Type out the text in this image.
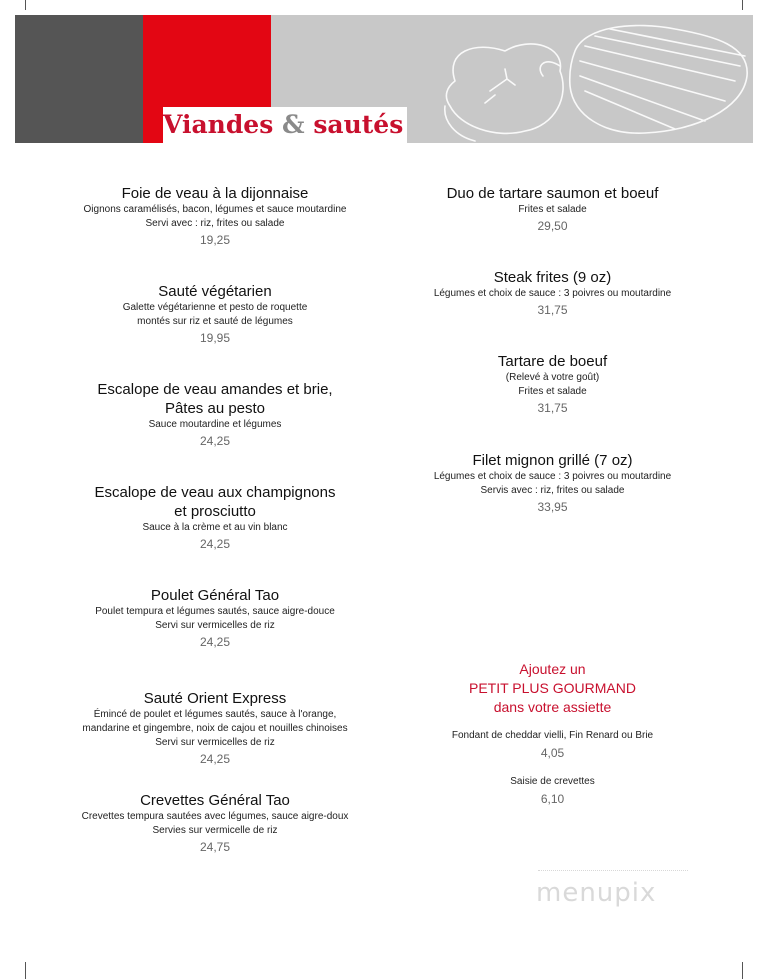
Viandes & sautés
Foie de veau à la dijonnaise
Oignons caramélisés, bacon, légumes et sauce moutardine
Servi avec : riz, frites ou salade
19,25
Sauté végétarien
Galette végétarienne et pesto de roquette
montés sur riz et sauté de légumes
19,95
Escalope de veau amandes et brie,
Pâtes au pesto
Sauce moutardine et légumes
24,25
Escalope de veau aux champignons
et prosciutto
Sauce à la crème et au vin blanc
24,25
Poulet Général Tao
Poulet tempura et légumes sautés, sauce aigre-douce
Servi sur vermicelles de riz
24,25
Sauté Orient Express
Émincé de poulet et légumes sautés, sauce à l'orange,
mandarine et gingembre, noix de cajou et nouilles chinoises
Servi sur vermicelles de riz
24,25
Crevettes Général Tao
Crevettes tempura sautées avec légumes, sauce aigre-doux
Servies sur vermicelle de riz
24,75
Duo de tartare saumon et boeuf
Frites et salade
29,50
Steak frites (9 oz)
Légumes et choix de sauce : 3 poivres ou moutardine
31,75
Tartare de boeuf
(Relevé à votre goût)
Frites et salade
31,75
Filet mignon grillé (7 oz)
Légumes et choix de sauce : 3 poivres ou moutardine
Servis avec : riz, frites ou salade
33,95
Ajoutez un
PETIT PLUS GOURMAND
dans votre assiette
Fondant de cheddar vielli, Fin Renard ou Brie
4,05
Saisie de crevettes
6,10
menupix
